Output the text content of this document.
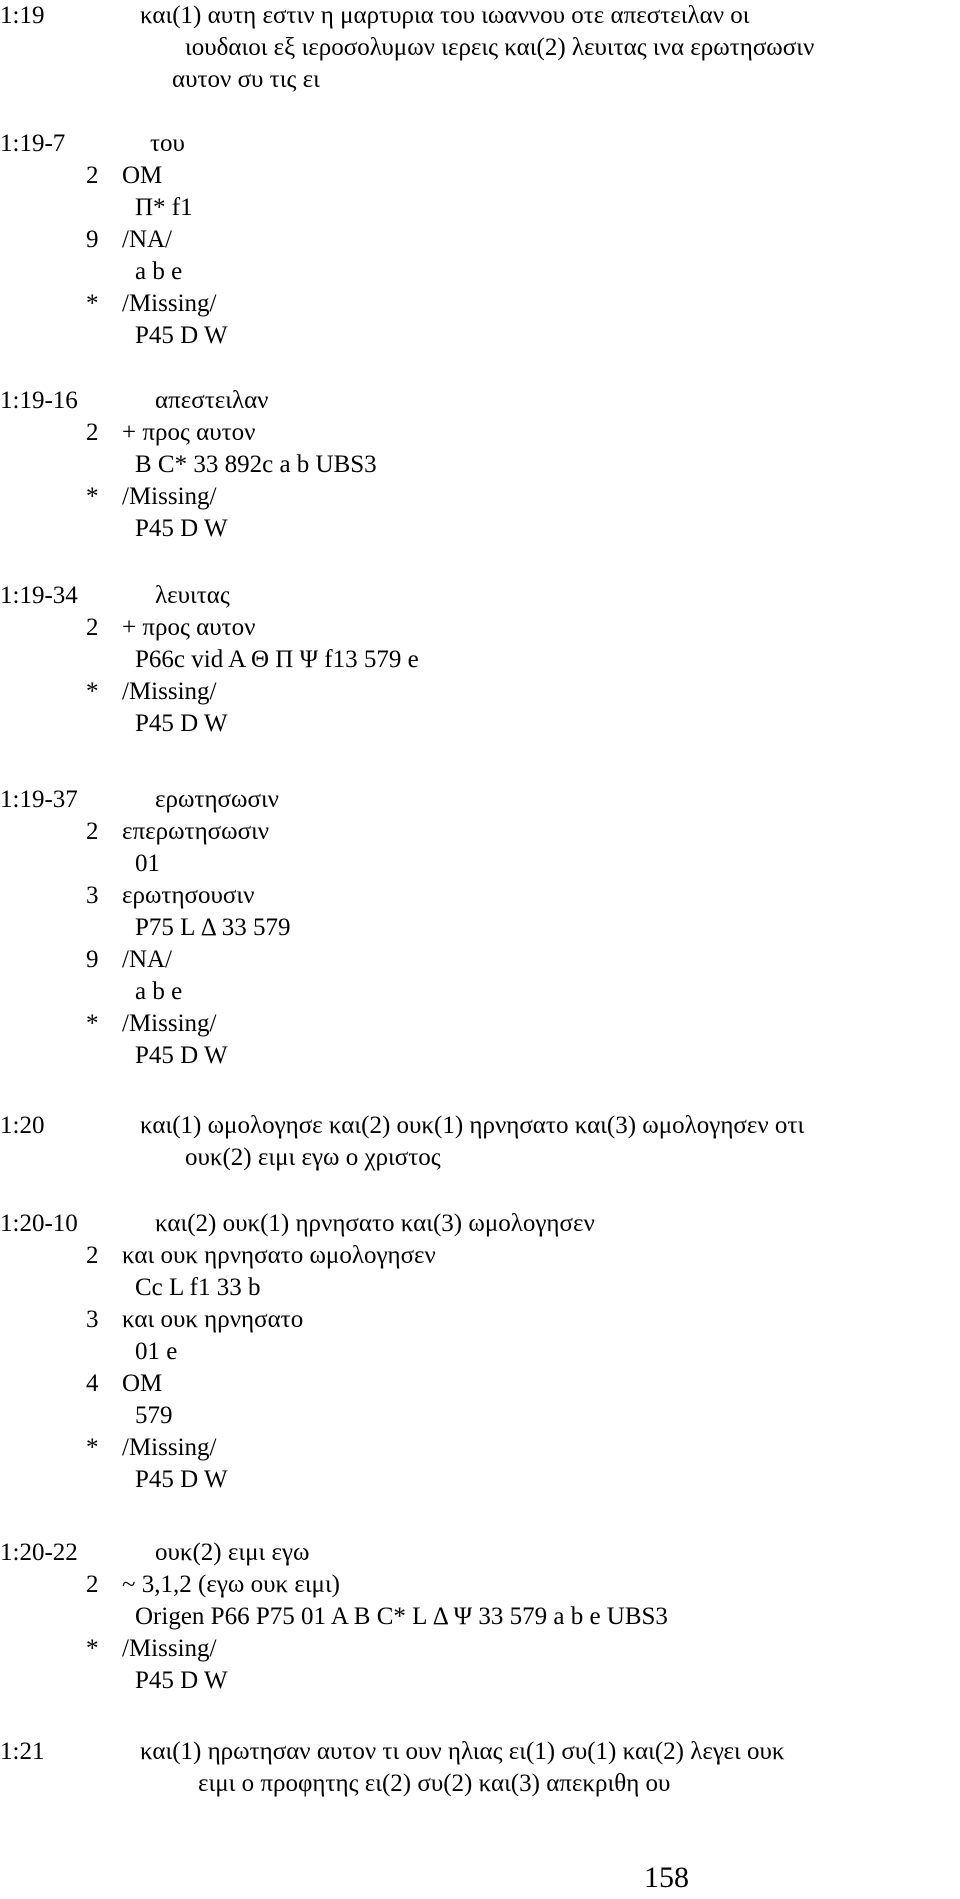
1:19	και(1) αυτη εστιν η μαρτυρια του ιωαννου οτε απεστειλαν οι
ιουδαιοι εξ ιεροσολυμων ιερεις και(2) λευιτας ινα ερωτησωσιν
αυτον συ τις ει
1:19-7	του
2 OM
Π* f1
9 /NA/
a b e
* /Missing/
P45 D W
1:19-16	απεστειλαν
2 + προς αυτον
B C* 33 892c a b UBS3
* /Missing/
P45 D W
1:19-34	λευιτας
2 + προς αυτον
P66c vid A Θ Π Ψ f13 579 e
* /Missing/
P45 D W
1:19-37	ερωτησωσιν
2 επερωτησωσιν
01
3 ερωτησουσιν
P75 L Δ 33 579
9 /NA/
a b e
* /Missing/
P45 D W
1:20	και(1) ωμολογησε και(2) ουκ(1) ηρνησατο και(3) ωμολογησεν οτι
ουκ(2) ειμι εγω ο χριστος
1:20-10	και(2) ουκ(1) ηρνησατο και(3) ωμολογησεν
2 και ουκ ηρνησατο ωμολογησεν
Cc L f1 33 b
3 και ουκ ηρνησατο
01 e
4 OM
579
* /Missing/
P45 D W
1:20-22	ουκ(2) ειμι εγω
2 ~ 3,1,2 (εγω ουκ ειμι)
Origen P66 P75 01 A B C* L Δ Ψ 33 579 a b e UBS3
* /Missing/
P45 D W
1:21	και(1) ηρωτησαν αυτον τι ουν ηλιας ει(1) συ(1) και(2) λεγει ουκ
ειμι ο προφητης ει(2) συ(2) και(3) απεκριθη ου
158
